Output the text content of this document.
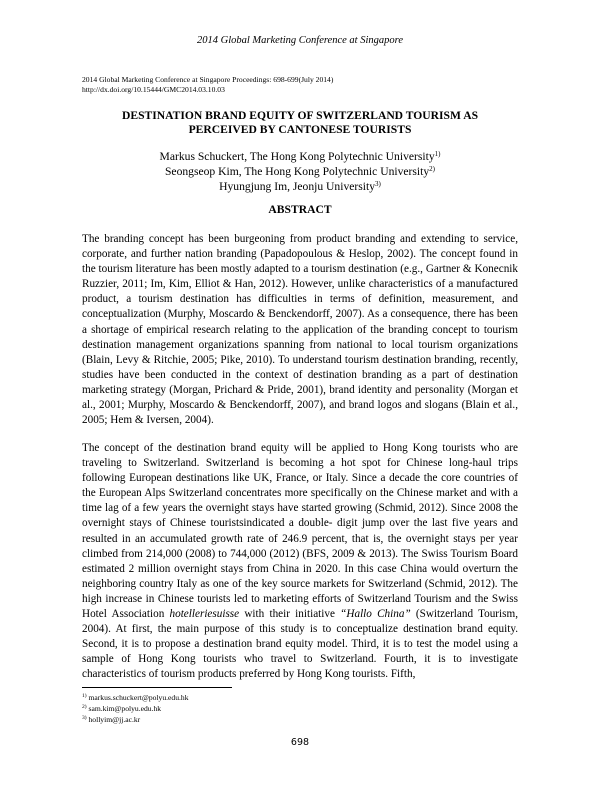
2014 Global Marketing Conference at Singapore
2014 Global Marketing Conference at Singapore Proceedings: 698-699(July 2014)
http://dx.doi.org/10.15444/GMC2014.03.10.03
DESTINATION BRAND EQUITY OF SWITZERLAND TOURISM AS
PERCEIVED BY CANTONESE TOURISTS
Markus Schuckert, The Hong Kong Polytechnic University$^{1)}$
Seongseop Kim, The Hong Kong Polytechnic University$^{2)}$
Hyungjung Im, Jeonju University$^{3)}$
ABSTRACT

The branding concept has been burgeoning from product branding and extending to service, corporate, and further nation branding (Papadopoulous & Heslop, 2002). The concept found in the tourism literature has been mostly adapted to a tourism destination (e.g., Gartner & Konecnik Ruzzier, 2011; Im, Kim, Elliot & Han, 2012). However, unlike characteristics of a manufactured product, a tourism destination has difficulties in terms of definition, measurement, and conceptualization (Murphy, Moscardo & Benckendorff, 2007). As a consequence, there has been a shortage of empirical research relating to the application of the branding concept to tourism destination management organizations spanning from national to local tourism organizations (Blain, Levy & Ritchie, 2005; Pike, 2010). To understand tourism destination branding, recently, studies have been conducted in the context of destination branding as a part of destination marketing strategy (Morgan, Prichard & Pride, 2001), brand identity and personality (Morgan et al., 2001; Murphy, Moscardo & Benckendorff, 2007), and brand logos and slogans (Blain et al., 2005; Hem & Iversen, 2004).

The concept of the destination brand equity will be applied to Hong Kong tourists who are traveling to Switzerland. Switzerland is becoming a hot spot for Chinese long-haul trips following European destinations like UK, France, or Italy. Since a decade the core countries of the European Alps Switzerland concentrates more specifically on the Chinese market and with a time lag of a few years the overnight stays have started growing (Schmid, 2012). Since 2008 the overnight stays of Chinese touristsindicated a double- digit jump over the last five years and resulted in an accumulated growth rate of 246.9 percent, that is, the overnight stays per year climbed from 214,000 (2008) to 744,000 (2012) (BFS, 2009 & 2013). The Swiss Tourism Board estimated 2 million overnight stays from China in 2020. In this case China would overturn the neighboring country Italy as one of the key source markets for Switzerland (Schmid, 2012). The high increase in Chinese tourists led to marketing efforts of Switzerland Tourism and the Swiss Hotel Association hotelleriesuisse with their initiative “Hallo China” (Switzerland Tourism, 2004). At first, the main purpose of this study is to conceptualize destination brand equity. Second, it is to propose a destination brand equity model. Third, it is to test the model using a sample of Hong Kong tourists who travel to Switzerland. Fourth, it is to investigate characteristics of tourism products preferred by Hong Kong tourists. Fifth,

$^{1)}$ markus.schuckert@polyu.edu.hk
$^{2)}$ sam.kim@polyu.edu.hk
$^{3)}$ hollyim@jj.ac.kr
698
